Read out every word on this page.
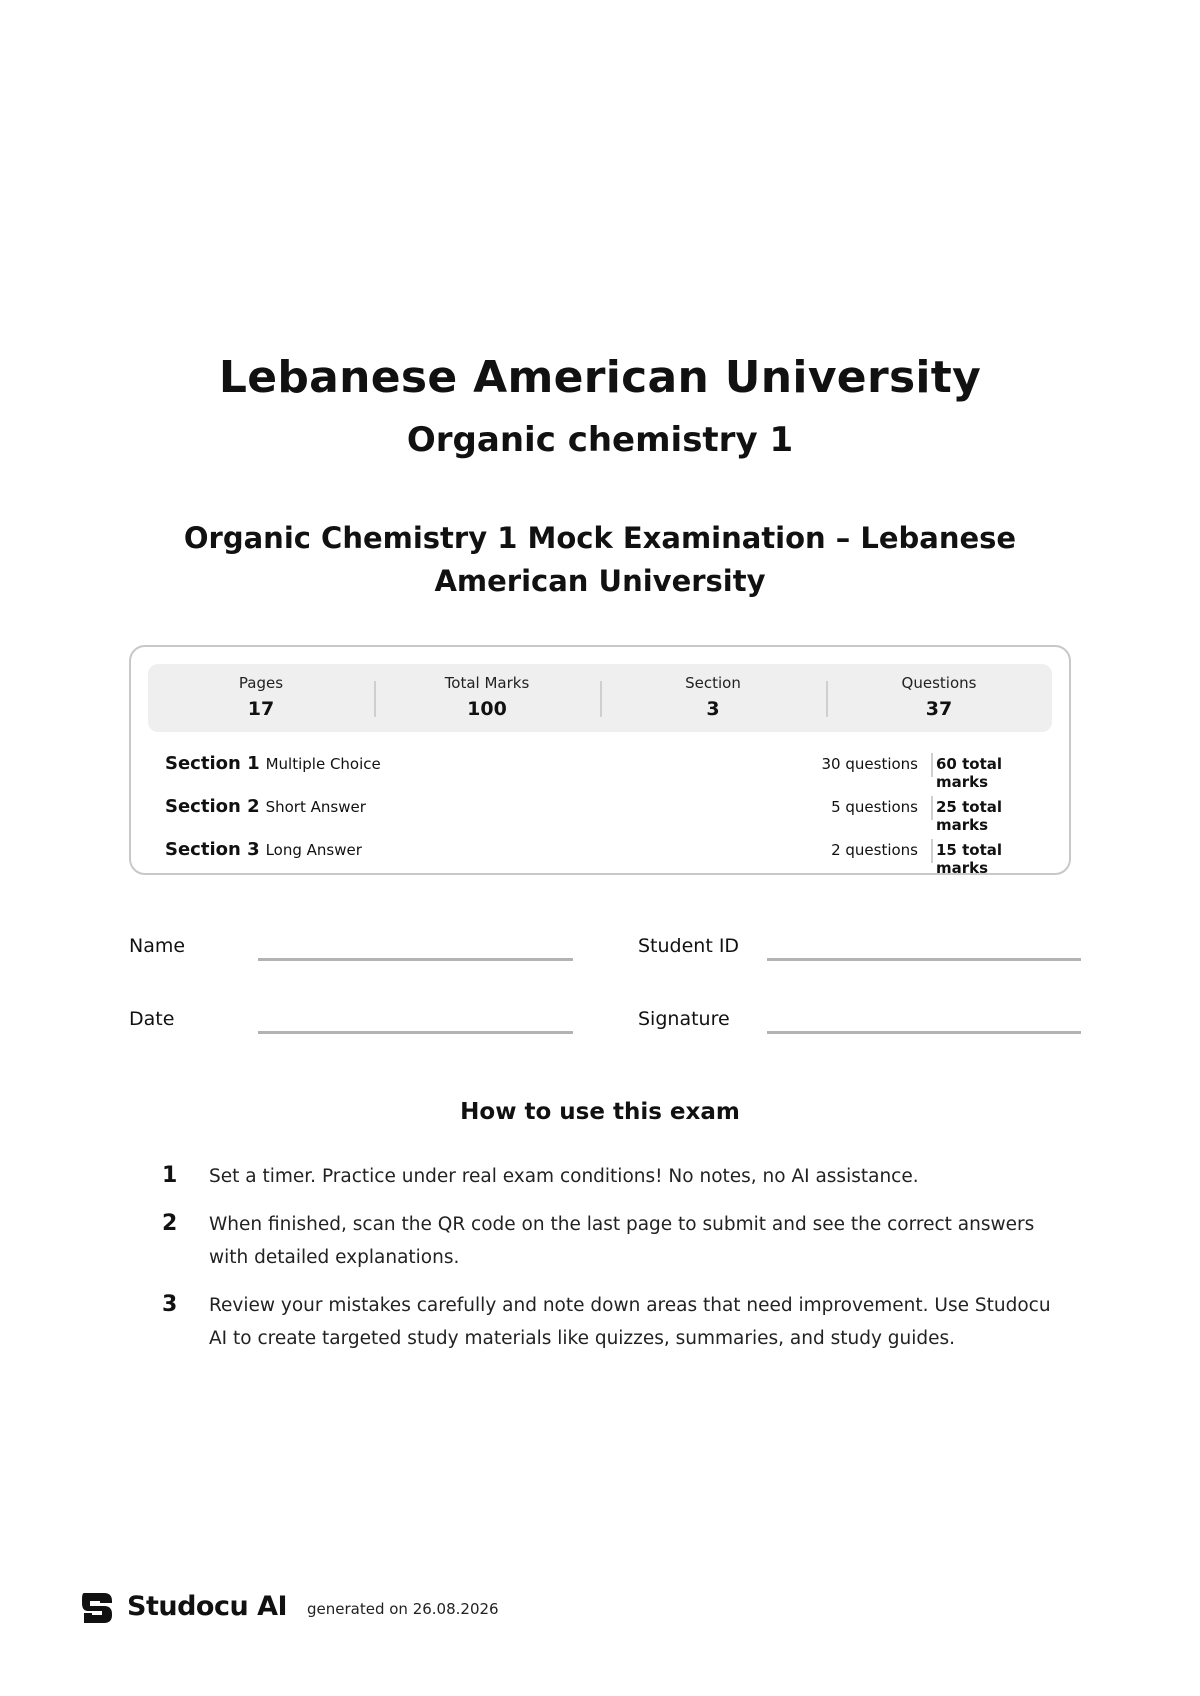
Lebanese American University
Organic chemistry 1
Organic Chemistry 1 Mock Examination – Lebanese American University
Pages
17
Total Marks
100
Section
3
Questions
37
Section 1 Multiple Choice	30 questions 60 total marks
Section 2 Short Answer	5 questions 25 total marks
Section 3 Long Answer	2 questions 15 total marks
Name	Student ID
Date	Signature
How to use this exam
1 Set a timer. Practice under real exam conditions! No notes, no AI assistance.
2 When finished, scan the QR code on the last page to submit and see the correct answers with detailed explanations.
3 Review your mistakes carefully and note down areas that need improvement. Use Studocu AI to create targeted study materials like quizzes, summaries, and study guides.
Studocu AI generated on 26.08.2026
